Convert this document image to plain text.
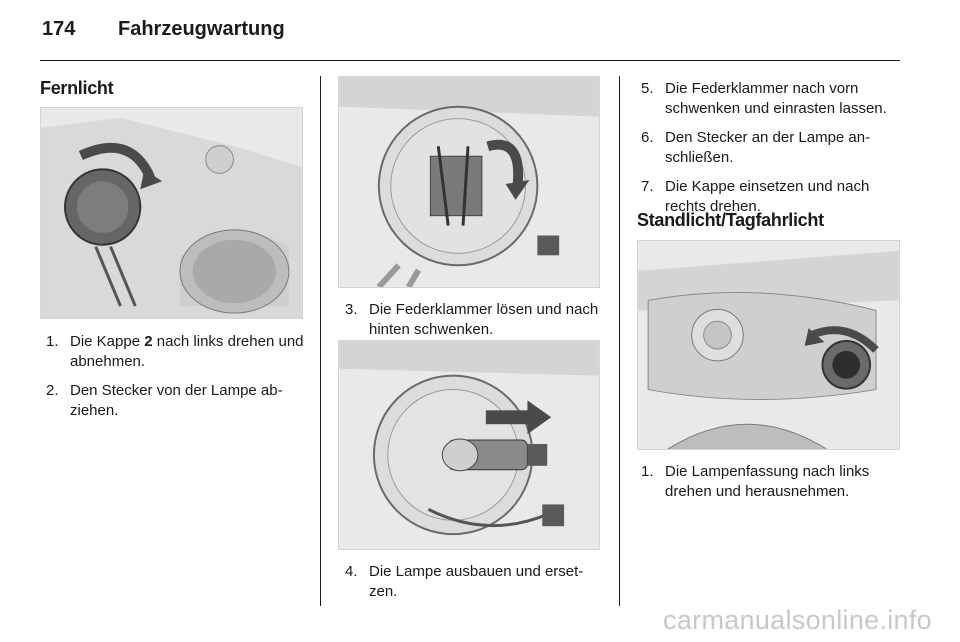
174 Fahrzeugwartung
Fernlicht
1. Die Kappe 2 nach links drehen und abnehmen.
2. Den Stecker von der Lampe ab-ziehen.
3. Die Federklammer lösen und nach hinten schwenken.
4. Die Lampe ausbauen und erset-zen.
5. Die Federklammer nach vorn schwenken und einrasten lassen.
6. Den Stecker an der Lampe an-schließen.
7. Die Kappe einsetzen und nach rechts drehen.
Standlicht/Tagfahrlicht
1. Die Lampenfassung nach links drehen und herausnehmen.
carmanualsonline.info
